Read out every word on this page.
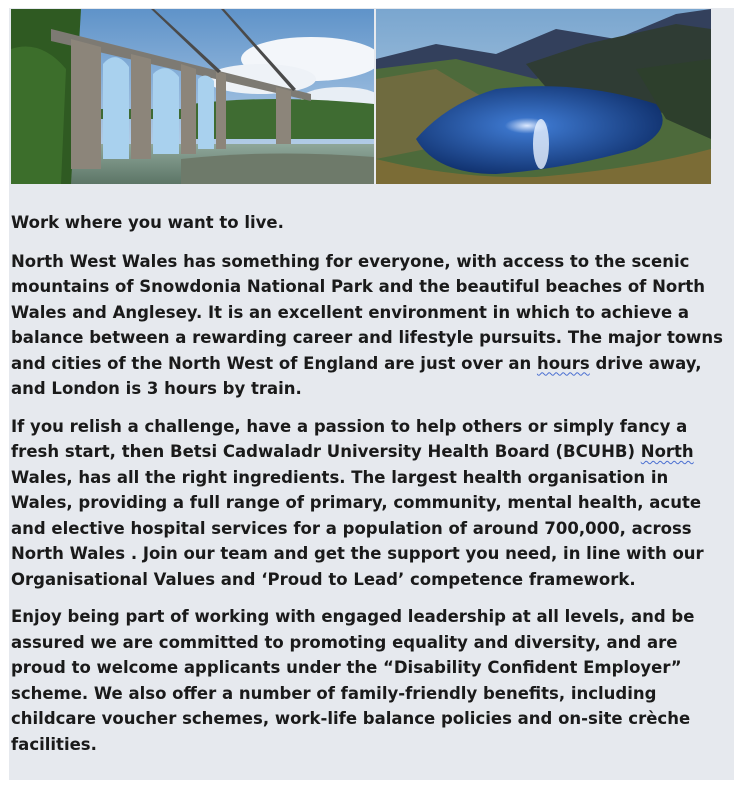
Work where you want to live.

North West Wales has something for everyone, with access to the scenic mountains of Snowdonia National Park and the beautiful beaches of North Wales and Anglesey. It is an excellent environment in which to achieve a balance between a rewarding career and lifestyle pursuits. The major towns and cities of the North West of England are just over an hours drive away, and London is 3 hours by train.

If you relish a challenge, have a passion to help others or simply fancy a fresh start, then Betsi Cadwaladr University Health Board (BCUHB) North Wales, has all the right ingredients. The largest health organisation in Wales, providing a full range of primary, community, mental health, acute and elective hospital services for a population of around 700,000, across North Wales . Join our team and get the support you need, in line with our Organisational Values and ‘Proud to Lead’ competence framework.

Enjoy being part of working with engaged leadership at all levels, and be assured we are committed to promoting equality and diversity, and are proud to welcome applicants under the “Disability Confident Employer” scheme. We also offer a number of family-friendly benefits, including childcare voucher schemes, work-life balance policies and on-site crèche facilities.
